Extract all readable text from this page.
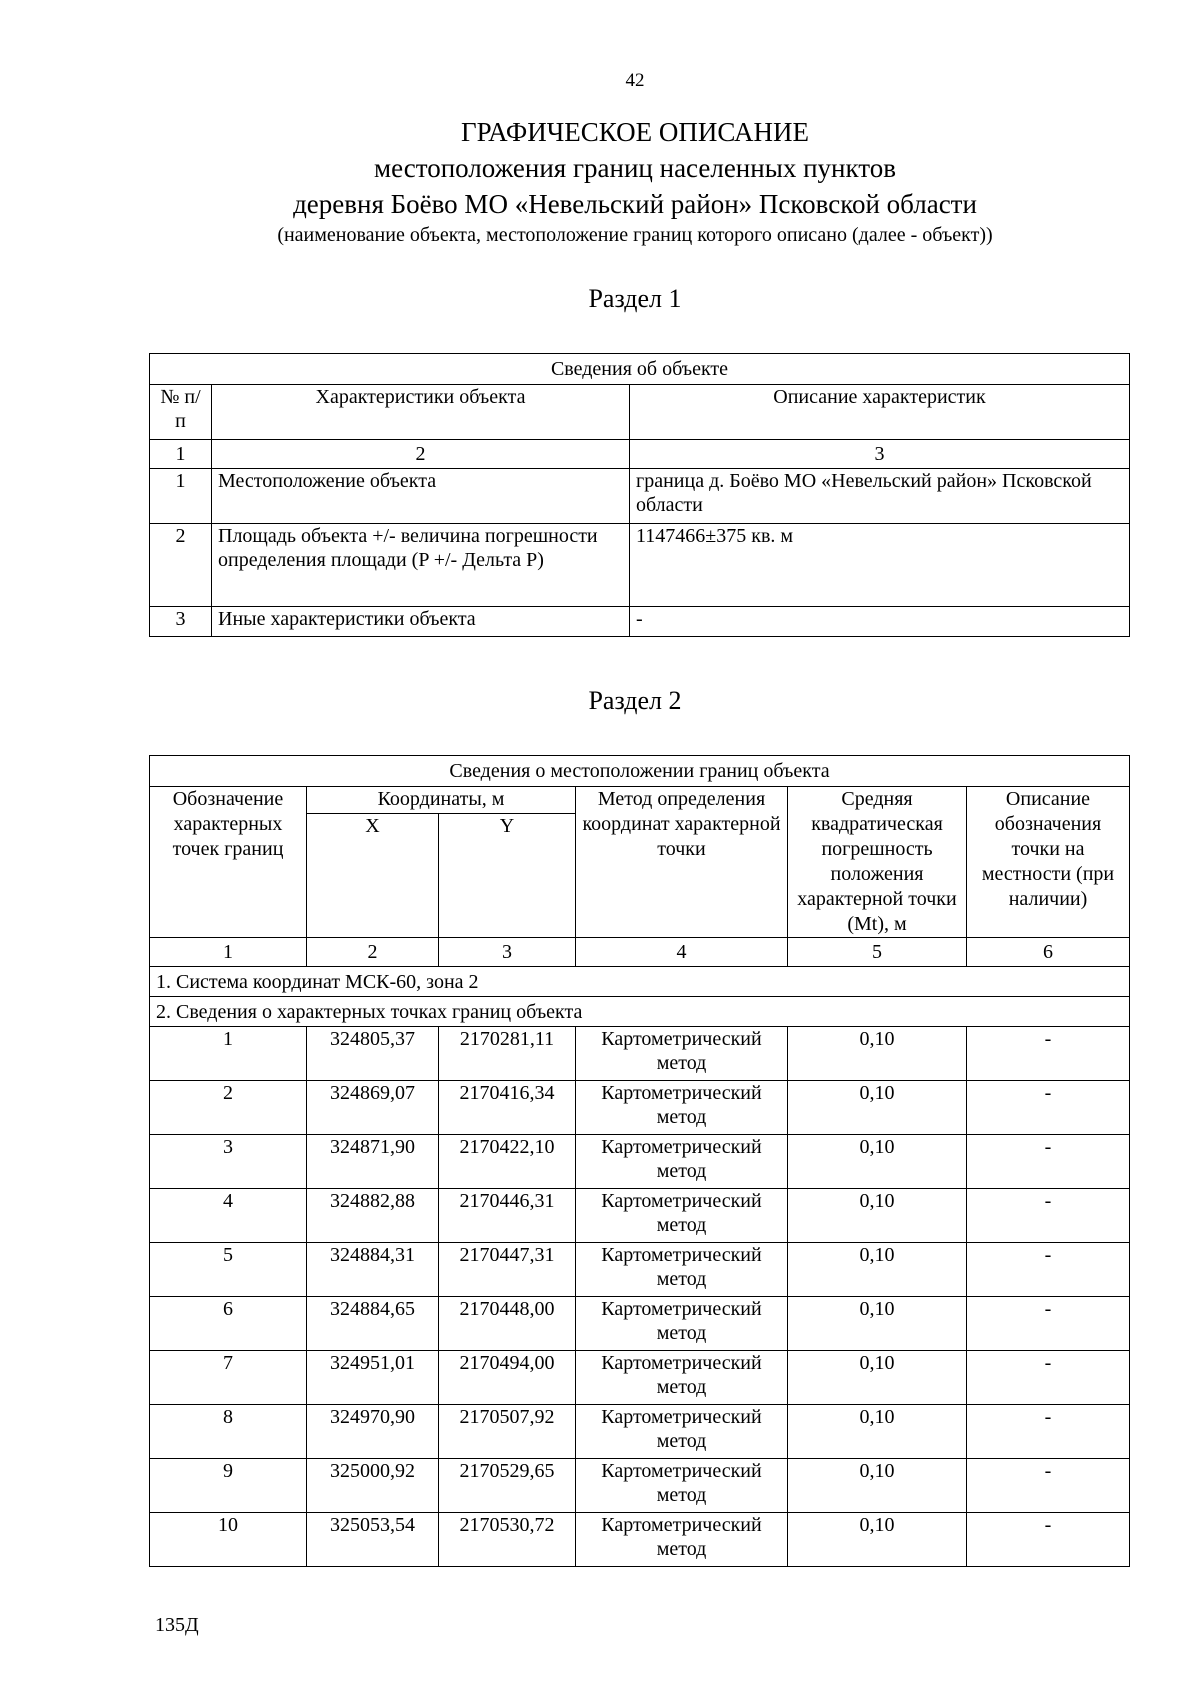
42
ГРАФИЧЕСКОЕ ОПИСАНИЕ
местоположения границ населенных пунктов
деревня Боёво МО «Невельский район» Псковской области
(наименование объекта, местоположение границ которого описано (далее - объект))
Раздел 1
Сведения об объекте		
№ п/п	Характеристики объекта	Описание характеристик
1	2	3
1	Местоположение объекта	граница д. Боёво МО «Невельский район» Псковской области
2	Площадь объекта +/- величина погрешности определения площади (P +/- Дельта P)	1147466±375 кв. м
3	Иные характеристики объекта	-
Раздел 2
Сведения о местоположении границ объекта					
Обозначение характерных точек границ	Координаты, м		Метод определения координат характерной точки	Средняя квадратическая погрешность положения характерной точки (Mt), м	Описание обозначения точки на местности (при наличии)
	X	Y			
1	2	3	4	5	6
1. Система координат МСК-60, зона 2					
2. Сведения о характерных точках границ объекта					
1	324805,37	2170281,11	Картометрический метод	0,10	-
2	324869,07	2170416,34	Картометрический метод	0,10	-
3	324871,90	2170422,10	Картометрический метод	0,10	-
4	324882,88	2170446,31	Картометрический метод	0,10	-
5	324884,31	2170447,31	Картометрический метод	0,10	-
6	324884,65	2170448,00	Картометрический метод	0,10	-
7	324951,01	2170494,00	Картометрический метод	0,10	-
8	324970,90	2170507,92	Картометрический метод	0,10	-
9	325000,92	2170529,65	Картометрический метод	0,10	-
10	325053,54	2170530,72	Картометрический метод	0,10	-
135Д
